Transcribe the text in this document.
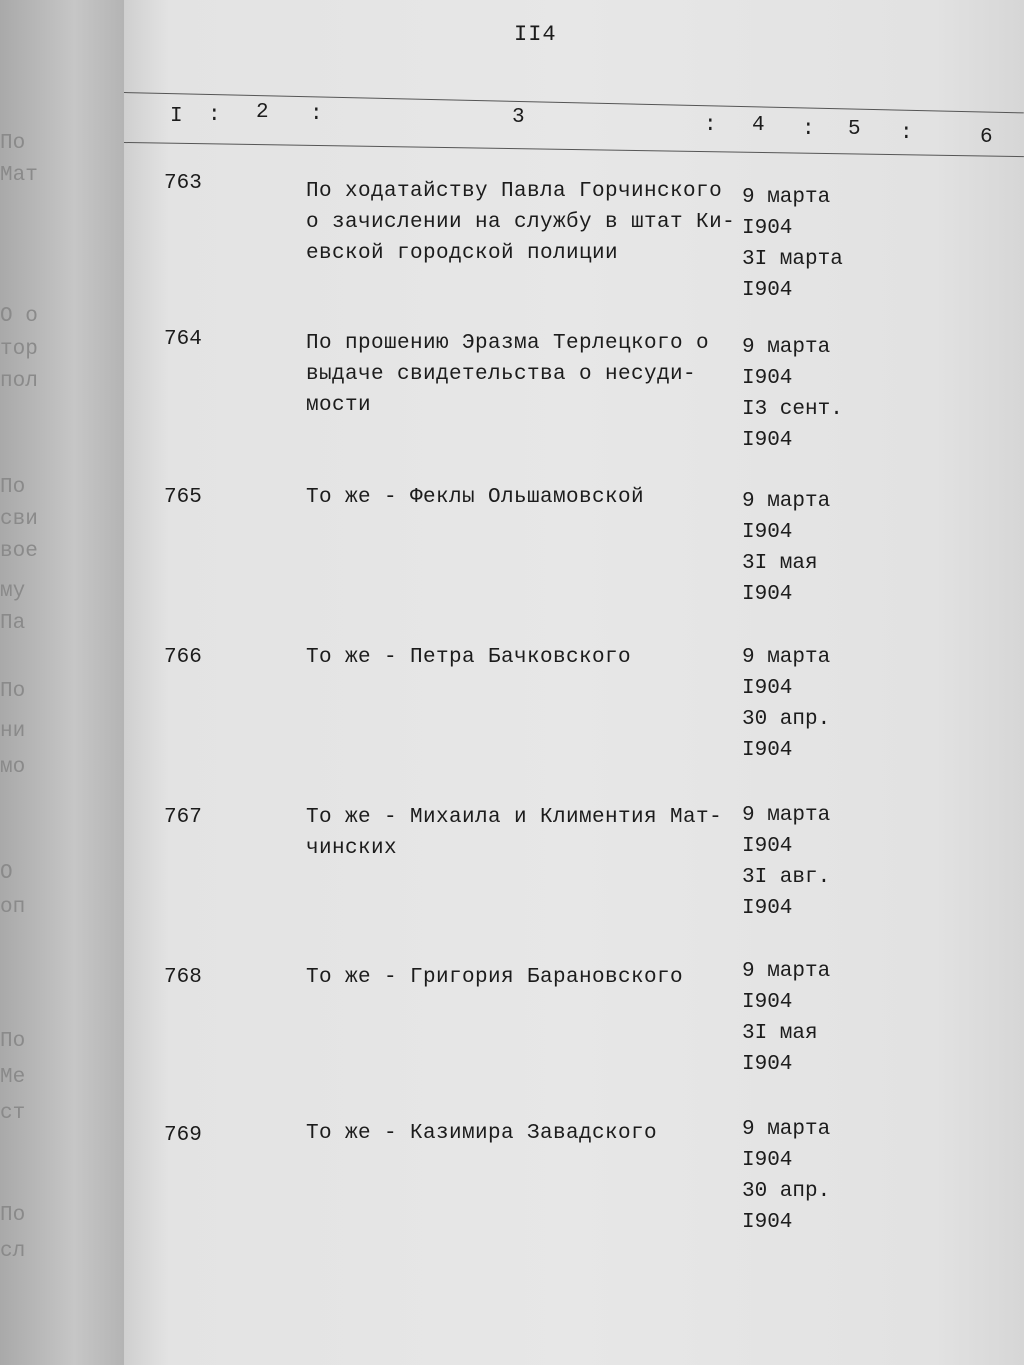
По
Мат
О о
тор
пол
По
сви
вое
му
Па
По
ни
мо
О
оп
По
Ме
ст
По
сл
II4
I : 2 :	3	: 4 : 5 :	6
763	По ходатайству Павла Горчинского
о зачислении на службу в штат Ки-
евской городской полиции
9 марта
I904
3I марта
I904
764	По прошению Эразма Терлецкого о
выдаче свидетельства о несуди-
мости
9 марта
I904
I3 сент.
I904
765	То же - Феклы Ольшамовской	9 марта
I904
3I мая
I904
766	То же - Петра Бачковского	9 марта
I904
30 апр.
I904
767	То же - Михаила и Климентия Мат-
чинских
9 марта
I904
3I авг.
I904
768	То же - Григория Барановского	9 марта
I904
3I мая
I904
769	То же - Казимира Завадского	9 марта
I904
30 апр.
I904
